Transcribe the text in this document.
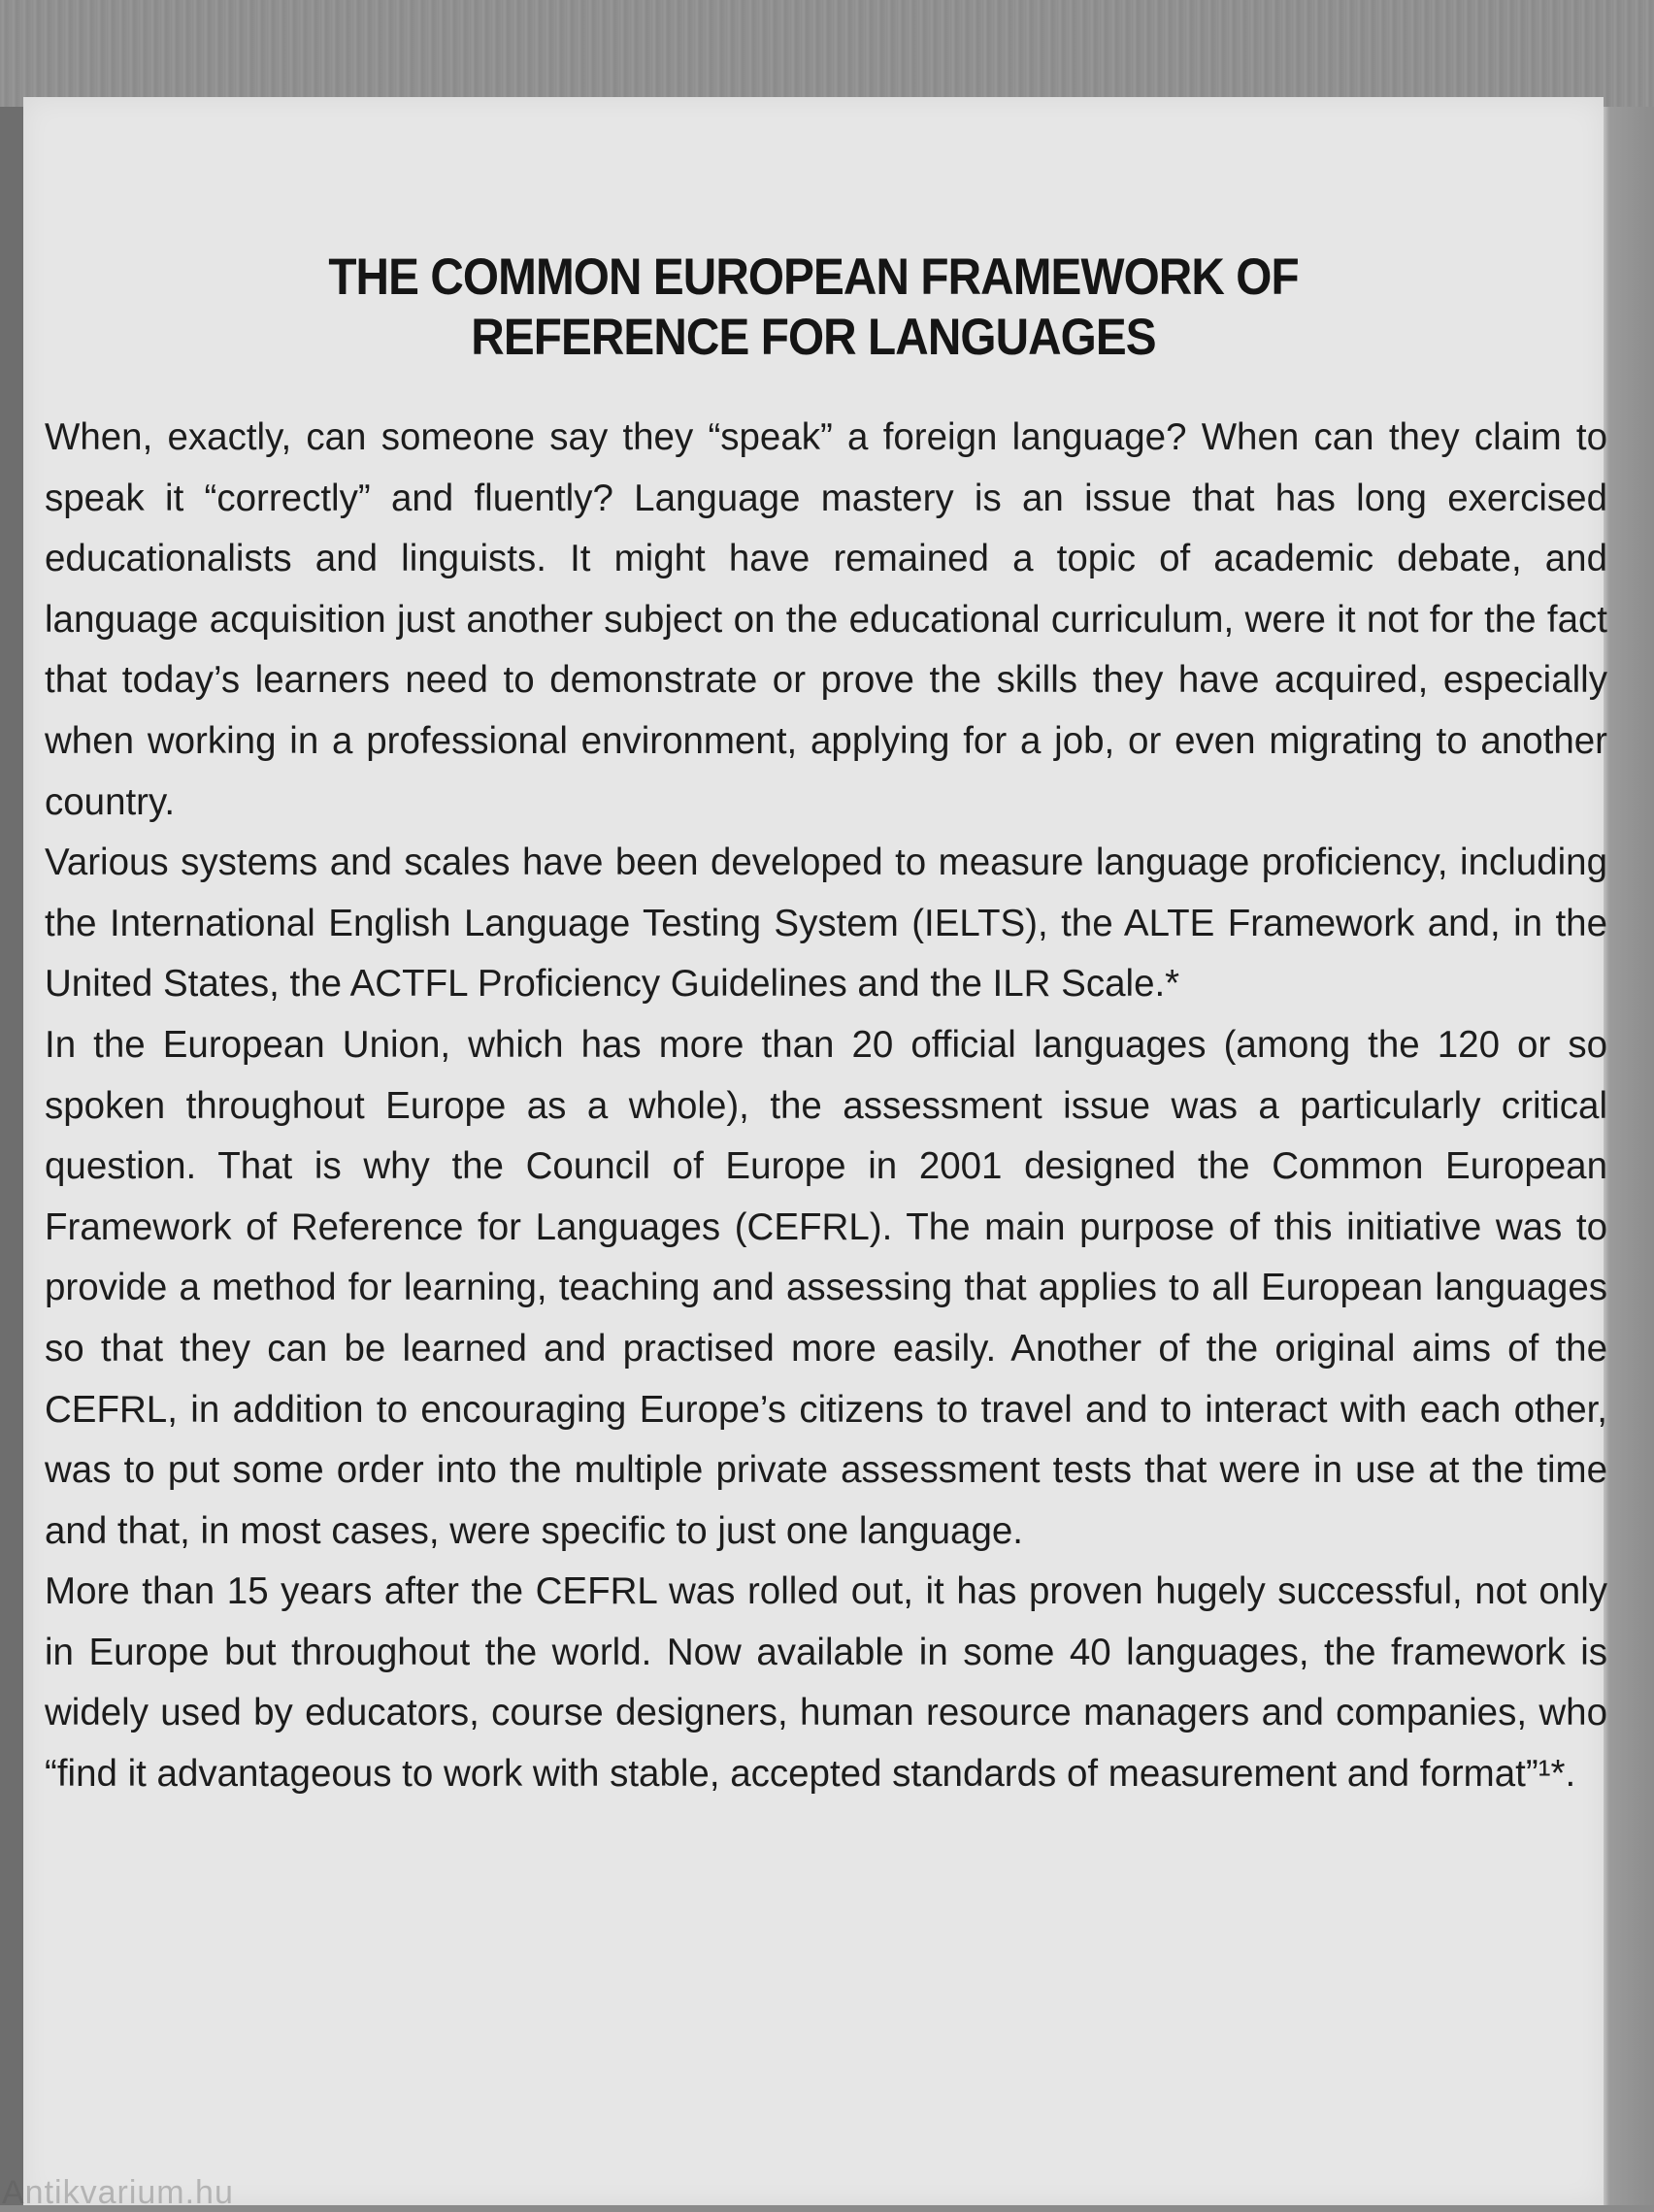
THE COMMON EUROPEAN FRAMEWORK OF
REFERENCE FOR LANGUAGES

When, exactly, can someone say they “speak” a foreign language? When can they claim to speak it “correctly” and fluently? Language mastery is an issue that has long exercised educationalists and linguists. It might have remained a topic of academic debate, and language acquisition just another subject on the educational curriculum, were it not for the fact that today’s learners need to demonstrate or prove the skills they have acquired, especially when working in a professional environment, applying for a job, or even migrating to another country.

Various systems and scales have been developed to measure language proficiency, including the International English Language Testing System (IELTS), the ALTE Framework and, in the United States, the ACTFL Proficiency Guidelines and the ILR Scale.*

In the European Union, which has more than 20 official languages (among the 120 or so spoken throughout Europe as a whole), the assessment issue was a particularly critical question. That is why the Council of Europe in 2001 designed the Common European Framework of Reference for Languages (CEFRL). The main purpose of this initiative was to provide a method for learning, teaching and assessing that applies to all European languages so that they can be learned and practised more easily. Another of the original aims of the CEFRL, in addition to encouraging Europe’s citizens to travel and to interact with each other, was to put some order into the multiple private assessment tests that were in use at the time and that, in most cases, were specific to just one language.

More than 15 years after the CEFRL was rolled out, it has proven hugely successful, not only in Europe but throughout the world. Now available in some 40 languages, the framework is widely used by educators, course designers, human resource managers and companies, who “find it advantageous to work with stable, accepted standards of measurement and format”¹*.

Antikvarium.hu
